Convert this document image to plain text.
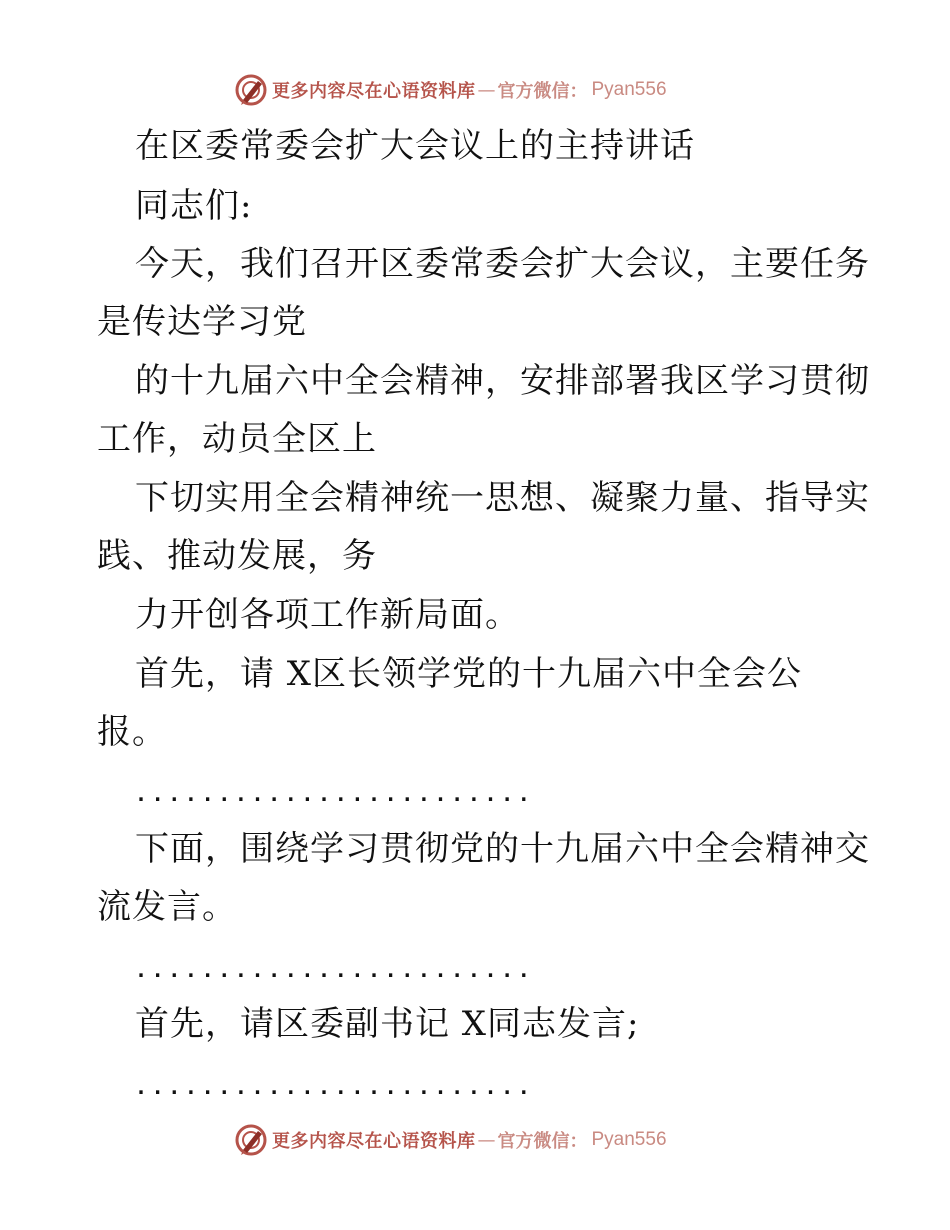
更多内容尽在心语资料库 — 官方微信： Pyan556
在区委常委会扩大会议上的主持讲话
同志们:
今天，我们召开区委常委会扩大会议，主要任务
是传达学习党
的十九届六中全会精神，安排部署我区学习贯彻
工作，动员全区上
下切实用全会精神统一思想、凝聚力量、指导实
践、推动发展，务
力开创各项工作新局面。
首先，请 X区长领学党的十九届六中全会公
报。
........................
下面，围绕学习贯彻党的十九届六中全会精神交
流发言。
........................
首先，请区委副书记 X同志发言;
........................
更多内容尽在心语资料库 — 官方微信： Pyan556
